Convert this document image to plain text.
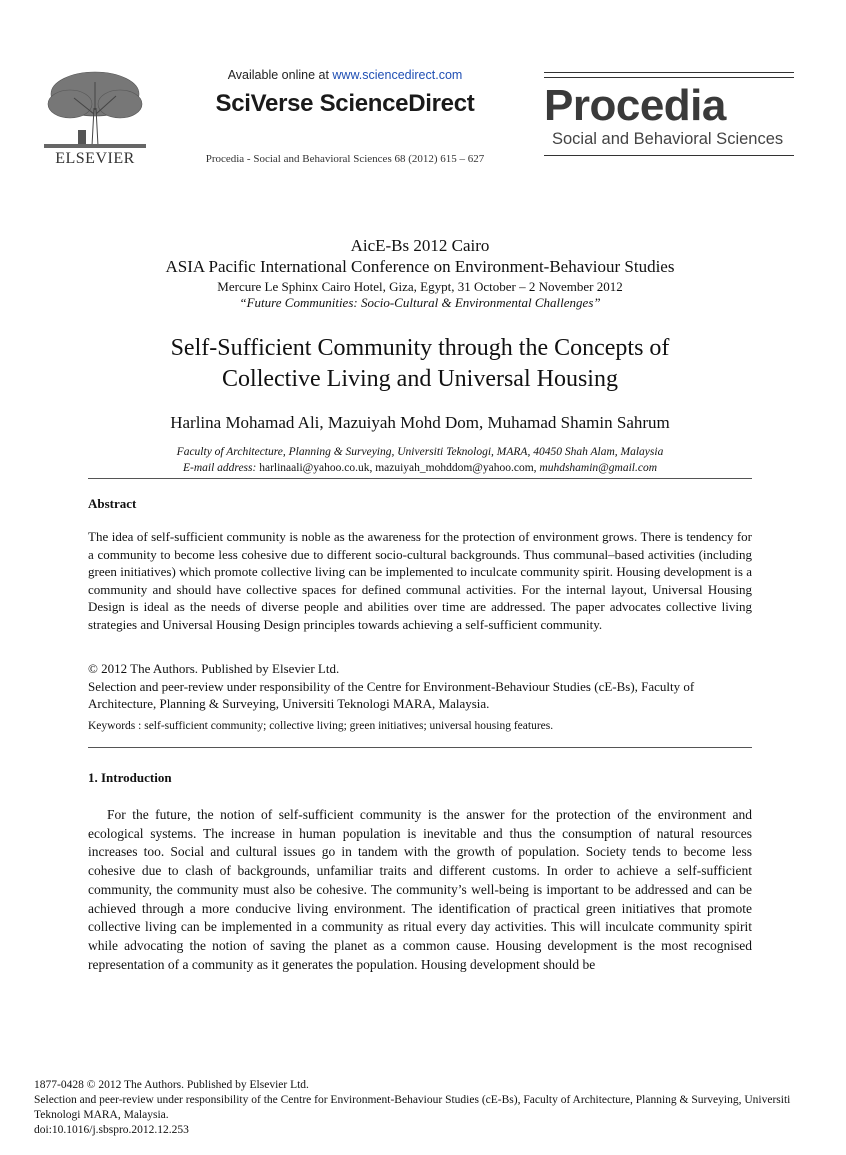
ELSEVIER
Available online at www.sciencedirect.com
SciVerse ScienceDirect
Procedia - Social and Behavioral Sciences 68 (2012) 615 – 627
Procedia
Social and Behavioral Sciences
AicE-Bs 2012 Cairo
ASIA Pacific International Conference on Environment-Behaviour Studies
Mercure Le Sphinx Cairo Hotel, Giza, Egypt, 31 October – 2 November 2012
“Future Communities: Socio-Cultural & Environmental Challenges”
Self-Sufficient Community through the Concepts of
Collective Living and Universal Housing
Harlina Mohamad Ali, Mazuiyah Mohd Dom, Muhamad Shamin Sahrum
Faculty of Architecture, Planning & Surveying, Universiti Teknologi, MARA, 40450 Shah Alam, Malaysia
E-mail address: harlinaali@yahoo.co.uk, mazuiyah_mohddom@yahoo.com, muhdshamin@gmail.com
Abstract
The idea of self-sufficient community is noble as the awareness for the protection of environment grows. There is tendency for a community to become less cohesive due to different socio-cultural backgrounds. Thus communal–based activities (including green initiatives) which promote collective living can be implemented to inculcate community spirit. Housing development is a community and should have collective spaces for defined communal activities. For the internal layout, Universal Housing Design is ideal as the needs of diverse people and abilities over time are addressed. The paper advocates collective living strategies and Universal Housing Design principles towards achieving a self-sufficient community.
© 2012 The Authors. Published by Elsevier Ltd.
Selection and peer-review under responsibility of the Centre for Environment-Behaviour Studies (cE-Bs), Faculty of Architecture, Planning & Surveying, Universiti Teknologi MARA, Malaysia.
Keywords : self-sufficient community; collective living; green initiatives; universal housing features.
1. Introduction
For the future, the notion of self-sufficient community is the answer for the protection of the environment and ecological systems. The increase in human population is inevitable and thus the consumption of natural resources increases too. Social and cultural issues go in tandem with the growth of population. Society tends to become less cohesive due to clash of backgrounds, unfamiliar traits and different customs. In order to achieve a self-sufficient community, the community must also be cohesive. The community’s well-being is important to be addressed and can be achieved through a more conducive living environment. The identification of practical green initiatives that promote collective living can be implemented in a community as ritual every day activities. This will inculcate community spirit while advocating the notion of saving the planet as a common cause. Housing development is the most recognised representation of a community as it generates the population. Housing development should be
1877-0428 © 2012 The Authors. Published by Elsevier Ltd.
Selection and peer-review under responsibility of the Centre for Environment-Behaviour Studies (cE-Bs), Faculty of Architecture, Planning & Surveying, Universiti Teknologi MARA, Malaysia.
doi:10.1016/j.sbspro.2012.12.253
